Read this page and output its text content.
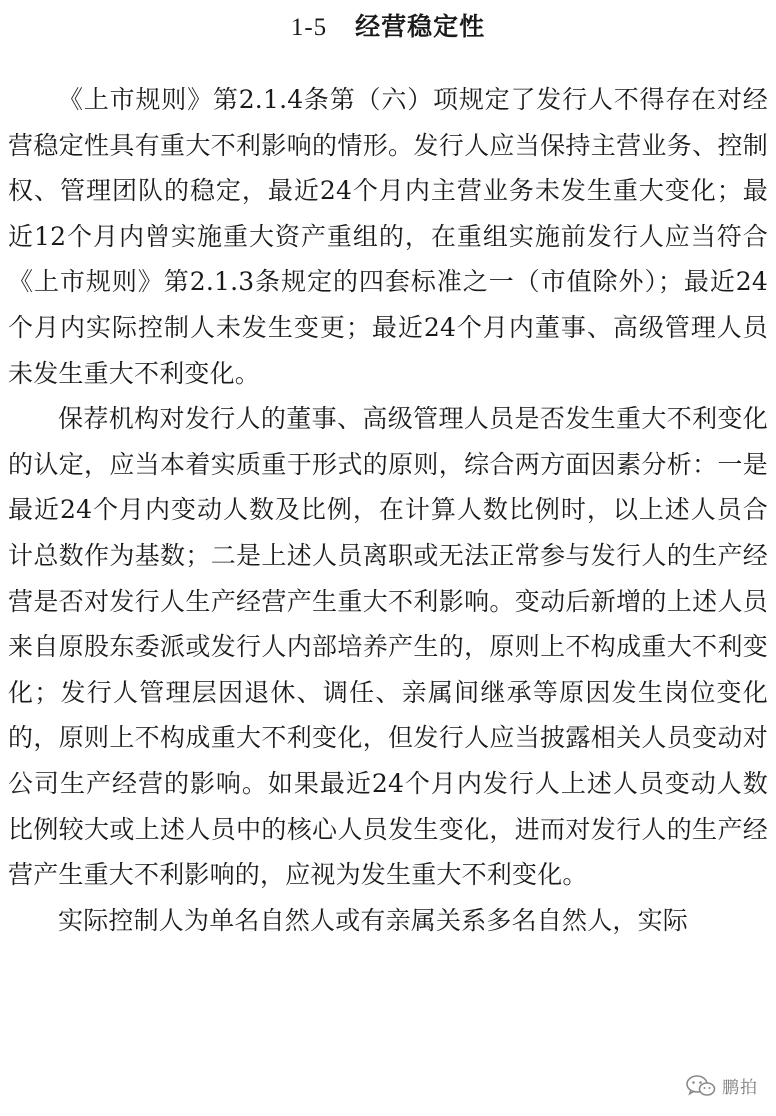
1-5 经营稳定性

《上市规则》第2.1.4条第（六）项规定了发行人不得存在对经营稳定性具有重大不利影响的情形。发行人应当保持主营业务、控制权、管理团队的稳定，最近24个月内主营业务未发生重大变化；最近12个月内曾实施重大资产重组的，在重组实施前发行人应当符合《上市规则》第2.1.3条规定的四套标准之一（市值除外）；最近24个月内实际控制人未发生变更；最近24个月内董事、高级管理人员未发生重大不利变化。

保荐机构对发行人的董事、高级管理人员是否发生重大不利变化的认定，应当本着实质重于形式的原则，综合两方面因素分析：一是最近24个月内变动人数及比例，在计算人数比例时，以上述人员合计总数作为基数；二是上述人员离职或无法正常参与发行人的生产经营是否对发行人生产经营产生重大不利影响。变动后新增的上述人员来自原股东委派或发行人内部培养产生的，原则上不构成重大不利变化；发行人管理层因退休、调任、亲属间继承等原因发生岗位变化的，原则上不构成重大不利变化，但发行人应当披露相关人员变动对公司生产经营的影响。如果最近24个月内发行人上述人员变动人数比例较大或上述人员中的核心人员发生变化，进而对发行人的生产经营产生重大不利影响的，应视为发生重大不利变化。

实际控制人为单名自然人或有亲属关系多名自然人，实际

鹏拍
